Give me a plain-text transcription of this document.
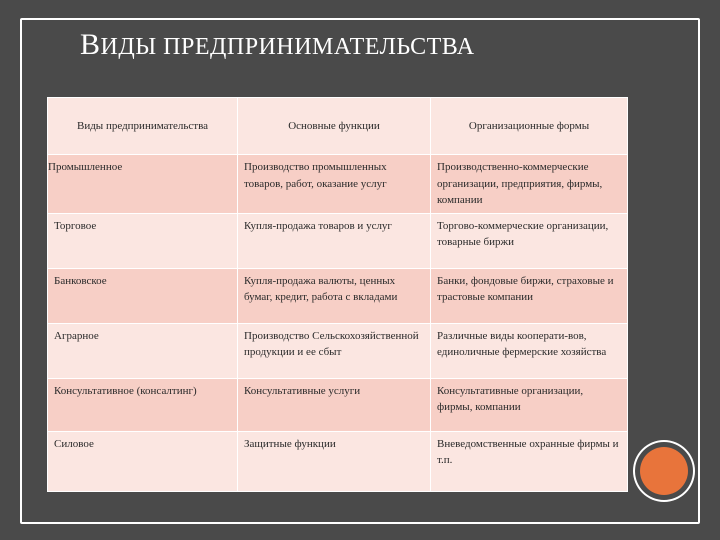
ВИДЫ ПРЕДПРИНИМАТЕЛЬСТВА
Виды предпринимательства	Основные функции	Организационные формы
Промышленное	Производство промышленных товаров, работ, оказание услуг	Производственно-коммерческие организации, предприятия, фирмы, компании
Торговое	Купля-продажа товаров и услуг	Торгово-коммерческие организации, товарные биржи
Банковское	Купля-продажа валюты, ценных бумаг, кредит, работа с вкладами	Банки, фондовые биржи, страховые и трастовые компании
Аграрное	Производство Сельскохозяйственной продукции и ее сбыт	Различные виды кооперати-вов, единоличные фермерские хозяйства
Консультативное (консалтинг)	Консультативные услуги	Консультативные организации, фирмы, компании
Силовое	Защитные функции	Вневедомственные охранные фирмы и т.п.
